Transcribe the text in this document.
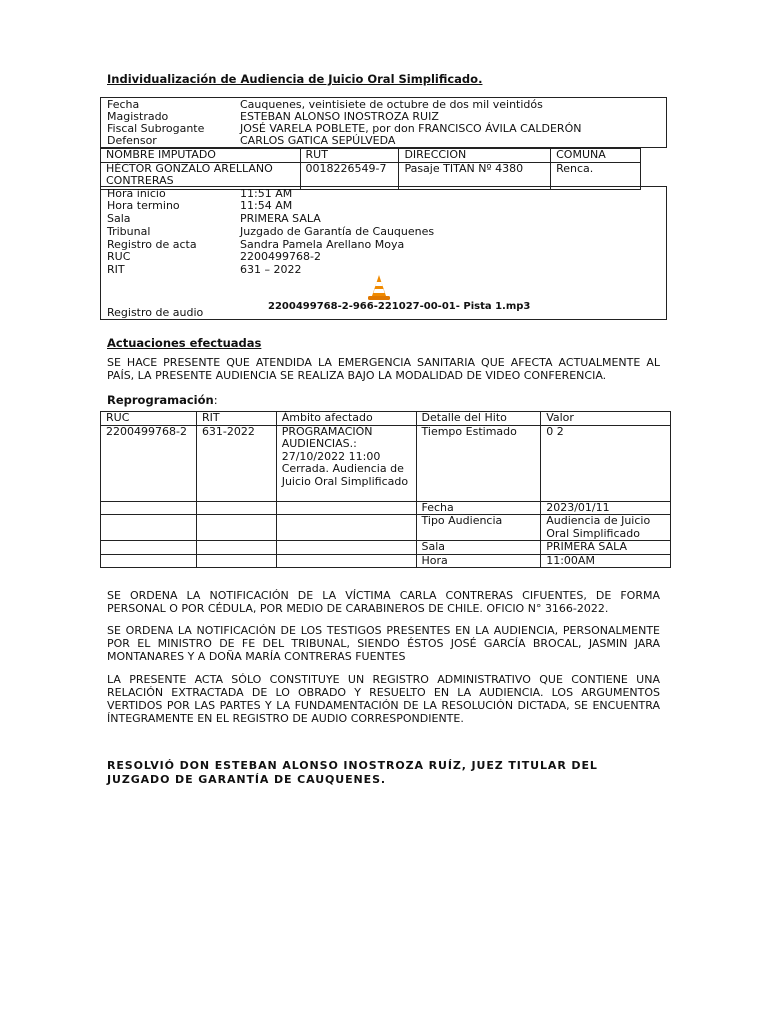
Individualización de Audiencia de Juicio Oral Simplificado.
Fecha	Cauquenes, veintisiete de octubre de dos mil veintidós
Magistrado	ESTEBAN ALONSO INOSTROZA RUIZ
Fiscal Subrogante	JOSÉ VARELA POBLETE, por don FRANCISCO ÁVILA CALDERÓN
Defensor	CARLOS GATICA SEPÚLVEDA
NOMBRE IMPUTADO	RUT	DIRECCION	COMUNA
HÉCTOR GONZALO ARELLANO CONTRERAS	0018226549-7	Pasaje TITAN Nº 4380	Renca.
Hora inicio	11:51 AM
Hora termino	11:54 AM
Sala	PRIMERA SALA
Tribunal	Juzgado de Garantía de Cauquenes
Registro de acta	Sandra Pamela Arellano Moya
RUC	2200499768-2
RIT	631 – 2022
2200499768-2-966-221027-00-01- Pista 1.mp3
Registro de audio
Actuaciones efectuadas
SE HACE PRESENTE QUE ATENDIDA LA EMERGENCIA SANITARIA QUE AFECTA ACTUALMENTE AL PAÍS, LA PRESENTE AUDIENCIA SE REALIZA BAJO LA MODALIDAD DE VIDEO CONFERENCIA.
Reprogramación:
RUC	RIT	Ámbito afectado	Detalle del Hito	Valor
2200499768-2	631-2022	PROGRAMACIÓN AUDIENCIAS.: 27/10/2022 11:00 Cerrada. Audiencia de Juicio Oral Simplificado	Tiempo Estimado	0 2
			Fecha	2023/01/11
			Tipo Audiencia	Audiencia de Juicio Oral Simplificado
			Sala	PRIMERA SALA
			Hora	11:00AM
SE ORDENA LA NOTIFICACIÓN DE LA VÍCTIMA CARLA CONTRERAS CIFUENTES, DE FORMA PERSONAL O POR CÉDULA, POR MEDIO DE CARABINEROS DE CHILE. OFICIO N° 3166-2022.
SE ORDENA LA NOTIFICACIÓN DE LOS TESTIGOS PRESENTES EN LA AUDIENCIA, PERSONALMENTE POR EL MINISTRO DE FE DEL TRIBUNAL, SIENDO ÉSTOS JOSÉ GARCÍA BROCAL, JASMIN JARA MONTANARES Y A DOÑA MARÍA CONTRERAS FUENTES
LA PRESENTE ACTA SÓLO CONSTITUYE UN REGISTRO ADMINISTRATIVO QUE CONTIENE UNA RELACIÓN EXTRACTADA DE LO OBRADO Y RESUELTO EN LA AUDIENCIA. LOS ARGUMENTOS VERTIDOS POR LAS PARTES Y LA FUNDAMENTACIÓN DE LA RESOLUCIÓN DICTADA, SE ENCUENTRA ÍNTEGRAMENTE EN EL REGISTRO DE AUDIO CORRESPONDIENTE.
RESOLVIÓ DON ESTEBAN ALONSO INOSTROZA RUÍZ, JUEZ TITULAR DEL JUZGADO DE GARANTÍA DE CAUQUENES.
